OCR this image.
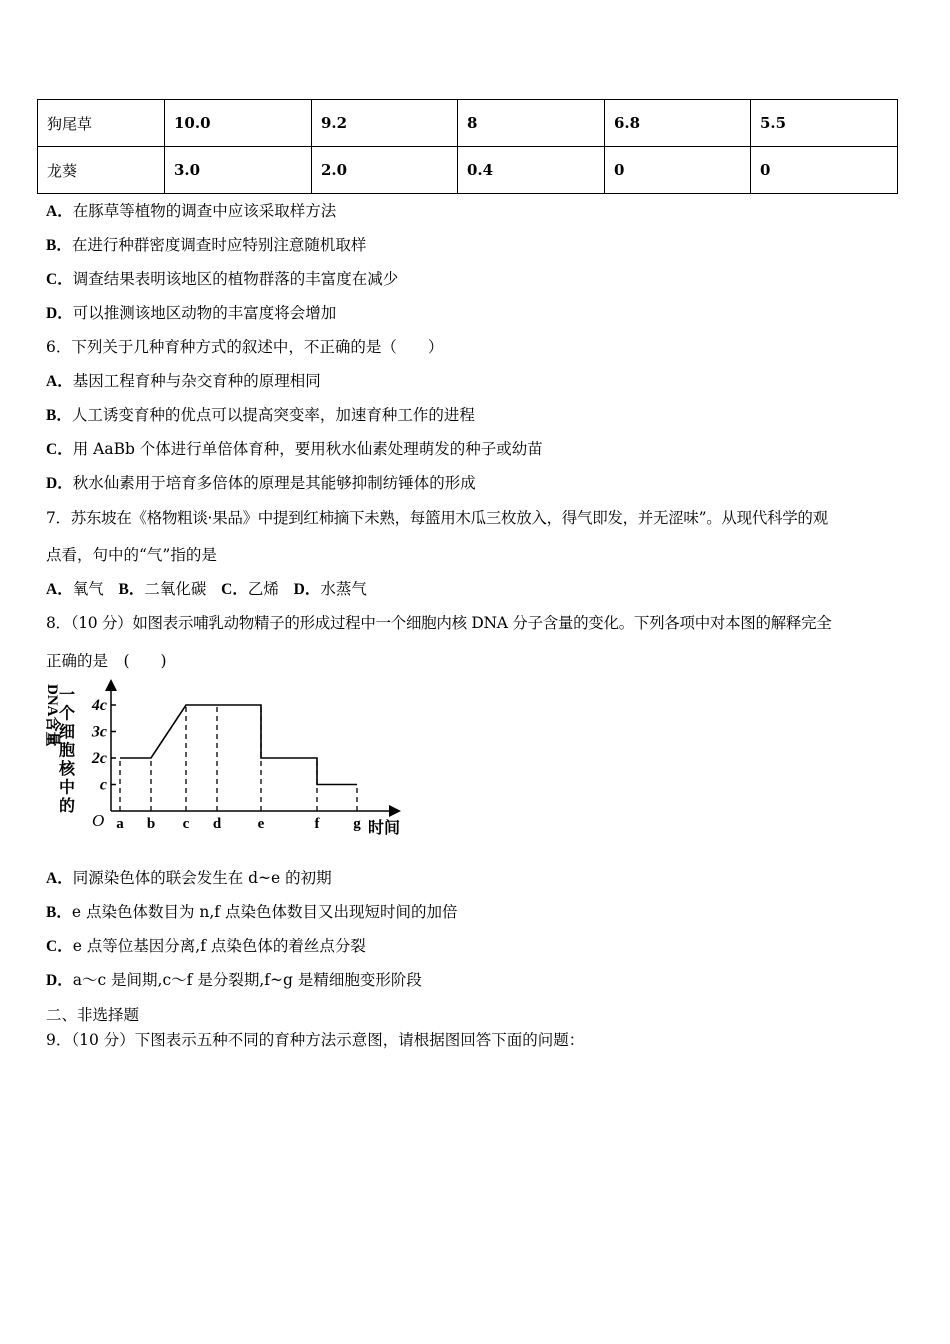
狗尾草	10.0	9.2	8	6.8	5.5
龙葵	3.0	2.0	0.4	0	0
A．在豚草等植物的调查中应该采取样方法
B．在进行种群密度调查时应特别注意随机取样
C．调查结果表明该地区的植物群落的丰富度在减少
D．可以推测该地区动物的丰富度将会增加
6．下列关于几种育种方式的叙述中，不正确的是（　　）
A．基因工程育种与杂交育种的原理相同
B．人工诱变育种的优点可以提高突变率，加速育种工作的进程
C．用 AaBb 个体进行单倍体育种，要用秋水仙素处理萌发的种子或幼苗
D．秋水仙素用于培育多倍体的原理是其能够抑制纺锤体的形成
7．苏东坡在《格物粗谈·果品》中提到红柿摘下未熟，每篮用木瓜三枚放入，得气即发，并无涩味”。从现代科学的观
点看，句中的“气”指的是
A．氧气 B．二氧化碳 C．乙烯 D．水蒸气
8．（10 分）如图表示哺乳动物精子的形成过程中一个细胞内核 DNA 分子含量的变化。下列各项中对本图的解释完全
正确的是　(　　)
一
个
细
胞
核
中
的
DNA含量
c
2c
3c
4c
a b c d e	f g
O	时间
A．同源染色体的联会发生在 d~e 的初期
B．e 点染色体数目为 n,f 点染色体数目又出现短时间的加倍
C．e 点等位基因分离,f 点染色体的着丝点分裂
D．a〜c 是间期,c〜f 是分裂期,f~g 是精细胞变形阶段
二、非选择题
9．（10 分）下图表示五种不同的育种方法示意图，请根据图回答下面的问题：
